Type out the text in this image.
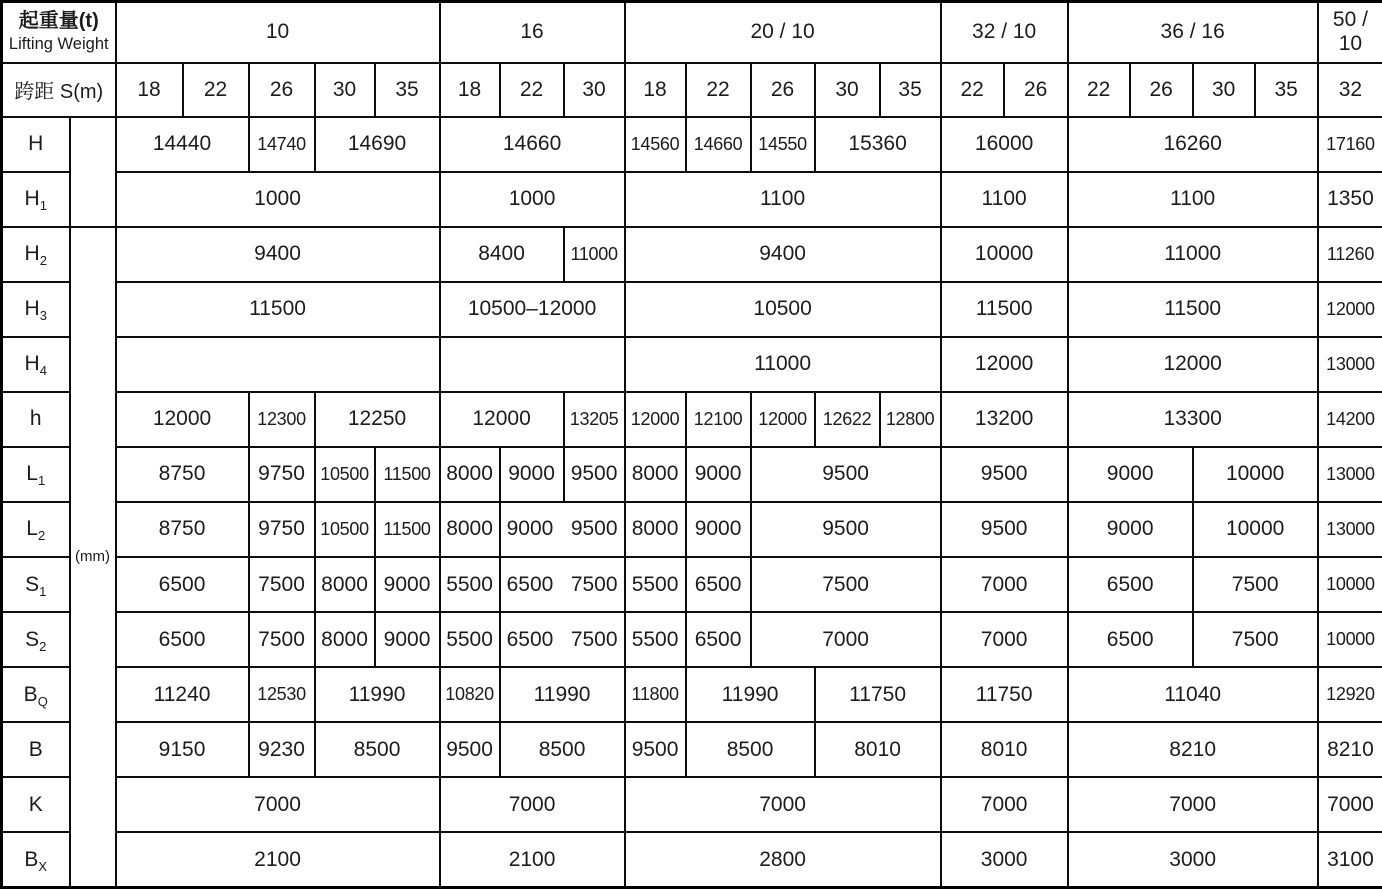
起重量(t)
Lifting Weight		10					16			20 / 10					32 / 10		36 / 16				50 / 10
跨距 S(m)		18	22	26	30	35	18	22	30	18	22	26	30	35	22	26	22	26	30	35	32
H		14440		14740	14690		14660			14560	14660	14550	15360		16000		16260				17160
$H_1$		1000					1000			1100					1100		1100				1350
$H_2$	(mm)	9400					8400		11000	9400					10000		11000				11260
$H_3$		11500					10500–12000			10500					11500		11500				12000
$H_4$										11000					12000		12000				13000
h		12000		12300	12250		12000		13205	12000	12100	12000	12622	12800	13200		13300				14200
$L_1$		8750		9750	10500	11500	8000	9000	9500	8000	9000	9500			9500		9000		10000		13000
$L_2$		8750		9750	10500	11500	8000	9000   9500		8000	9000	9500			9500		9000		10000		13000
$S_1$		6500		7500	8000	9000	5500	6500   7500		5500	6500	7500			7000		6500		7500		10000
$S_2$		6500		7500	8000	9000	5500	6500   7500		5500	6500	7000			7000		6500		7500		10000
$B_Q$		11240		12530	11990		10820	11990		11800	11990		11750		11750		11040				12920
B		9150		9230	8500		9500	8500		9500	8500		8010		8010		8210				8210
K		7000					7000			7000					7000		7000				7000
$B_X$		2100					2100			2800					3000		3000				3100
